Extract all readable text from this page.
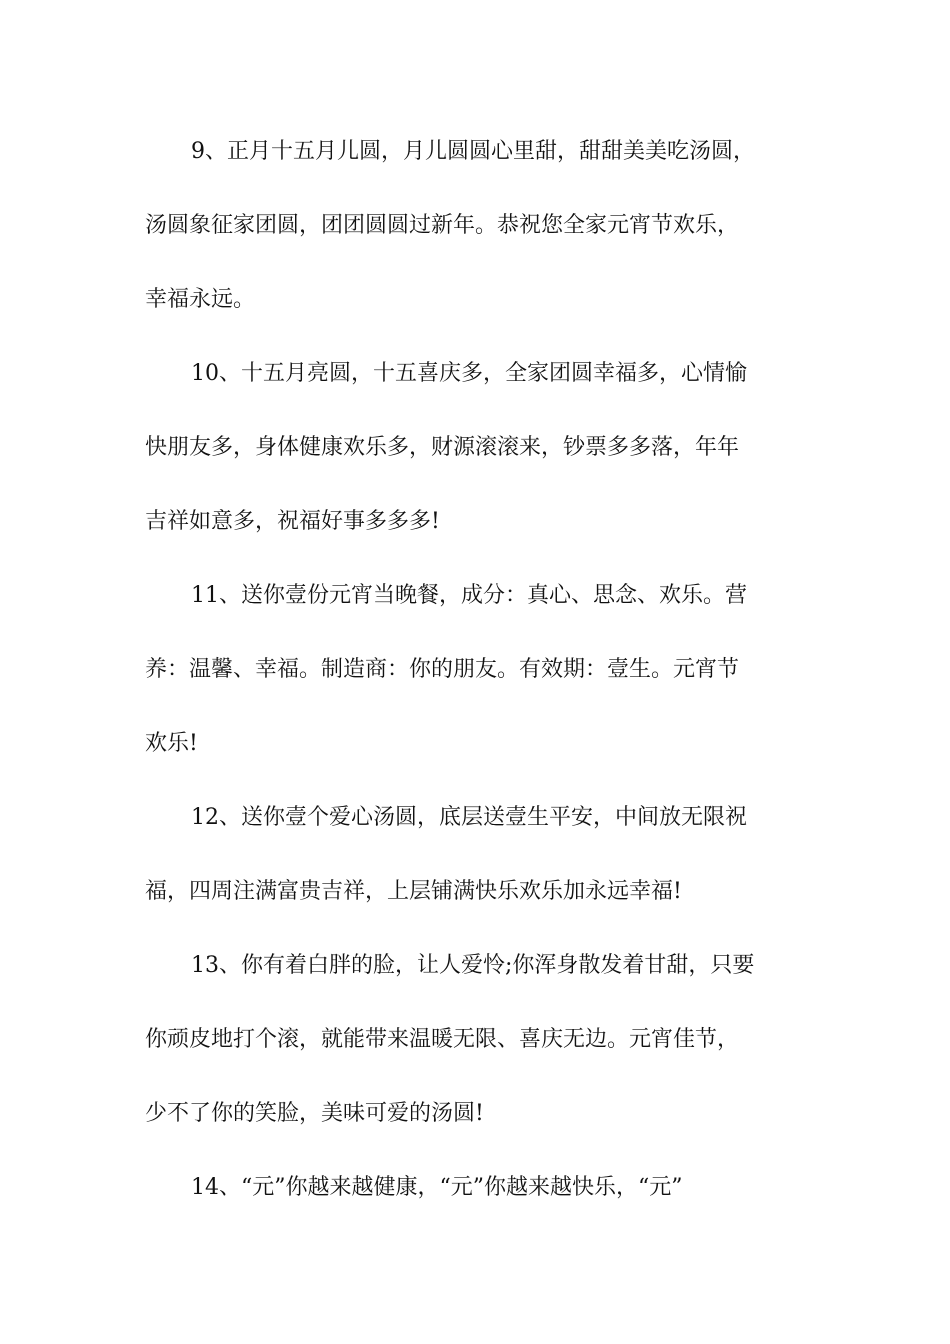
9、正月十五月儿圆，月儿圆圆心里甜，甜甜美美吃汤圆，
汤圆象征家团圆，团团圆圆过新年。恭祝您全家元宵节欢乐，
幸福永远。
10、十五月亮圆，十五喜庆多，全家团圆幸福多，心情愉
快朋友多，身体健康欢乐多，财源滚滚来，钞票多多落，年年
吉祥如意多，祝福好事多多多!
11、送你壹份元宵当晚餐，成分：真心、思念、欢乐。营
养：温馨、幸福。制造商：你的朋友。有效期：壹生。元宵节
欢乐!
12、送你壹个爱心汤圆，底层送壹生平安，中间放无限祝
福，四周注满富贵吉祥，上层铺满快乐欢乐加永远幸福!
13、你有着白胖的脸，让人爱怜;你浑身散发着甘甜，只要
你顽皮地打个滚，就能带来温暖无限、喜庆无边。元宵佳节，
少不了你的笑脸，美味可爱的汤圆!
14、“元”你越来越健康，“元”你越来越快乐，“元”
